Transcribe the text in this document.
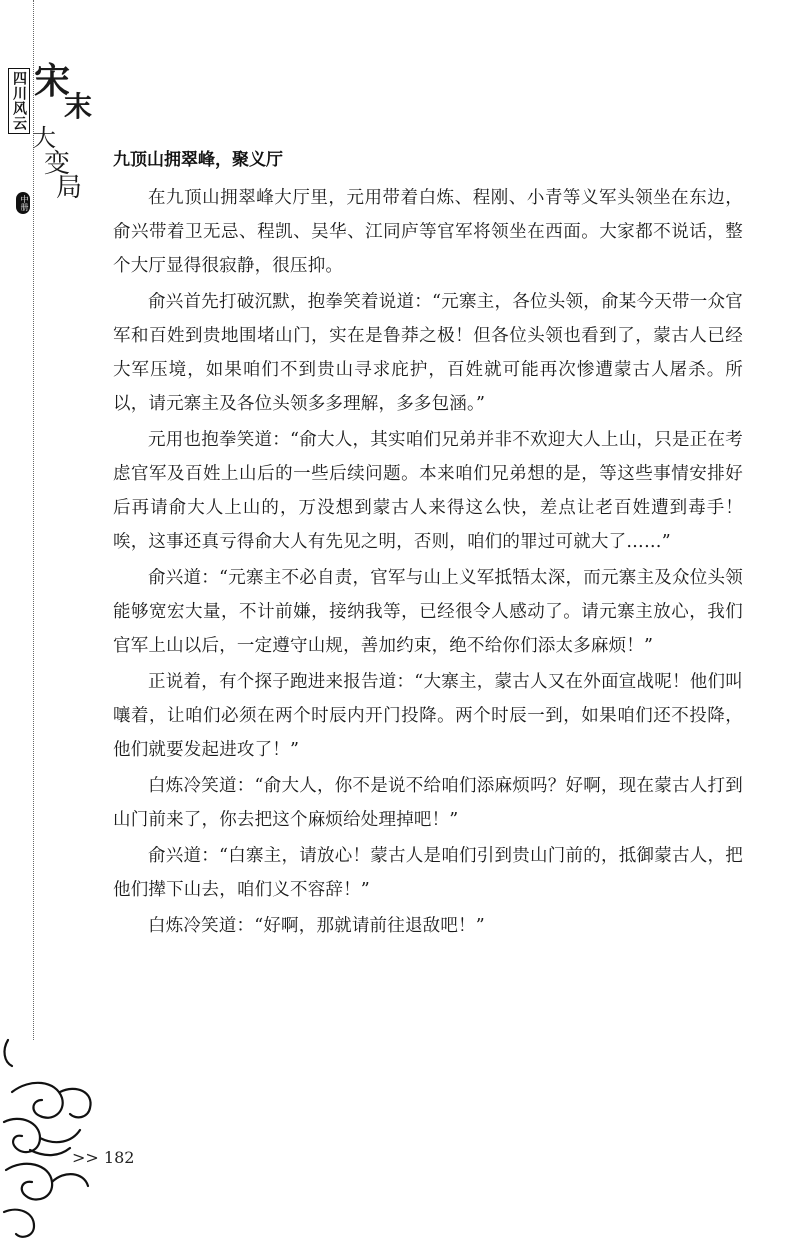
四川风云 宋
末
大
变
局
中册
九顶山拥翠峰，聚义厅

在九顶山拥翠峰大厅里，元用带着白炼、程刚、小青等义军头领坐在东边，俞兴带着卫无忌、程凯、吴华、江同庐等官军将领坐在西面。大家都不说话，整个大厅显得很寂静，很压抑。

俞兴首先打破沉默，抱拳笑着说道：“元寨主，各位头领，俞某今天带一众官军和百姓到贵地围堵山门，实在是鲁莽之极！但各位头领也看到了，蒙古人已经大军压境，如果咱们不到贵山寻求庇护，百姓就可能再次惨遭蒙古人屠杀。所以，请元寨主及各位头领多多理解，多多包涵。”

元用也抱拳笑道：“俞大人，其实咱们兄弟并非不欢迎大人上山，只是正在考虑官军及百姓上山后的一些后续问题。本来咱们兄弟想的是，等这些事情安排好后再请俞大人上山的，万没想到蒙古人来得这么快，差点让老百姓遭到毒手！唉，这事还真亏得俞大人有先见之明，否则，咱们的罪过可就大了……”

俞兴道：“元寨主不必自责，官军与山上义军抵牾太深，而元寨主及众位头领能够宽宏大量，不计前嫌，接纳我等，已经很令人感动了。请元寨主放心，我们官军上山以后，一定遵守山规，善加约束，绝不给你们添太多麻烦！”

正说着，有个探子跑进来报告道：“大寨主，蒙古人又在外面宣战呢！他们叫嚷着，让咱们必须在两个时辰内开门投降。两个时辰一到，如果咱们还不投降，他们就要发起进攻了！”

白炼冷笑道：“俞大人，你不是说不给咱们添麻烦吗？好啊，现在蒙古人打到山门前来了，你去把这个麻烦给处理掉吧！”

俞兴道：“白寨主，请放心！蒙古人是咱们引到贵山门前的，抵御蒙古人，把他们撵下山去，咱们义不容辞！”

白炼冷笑道：“好啊，那就请前往退敌吧！”

>> 182
